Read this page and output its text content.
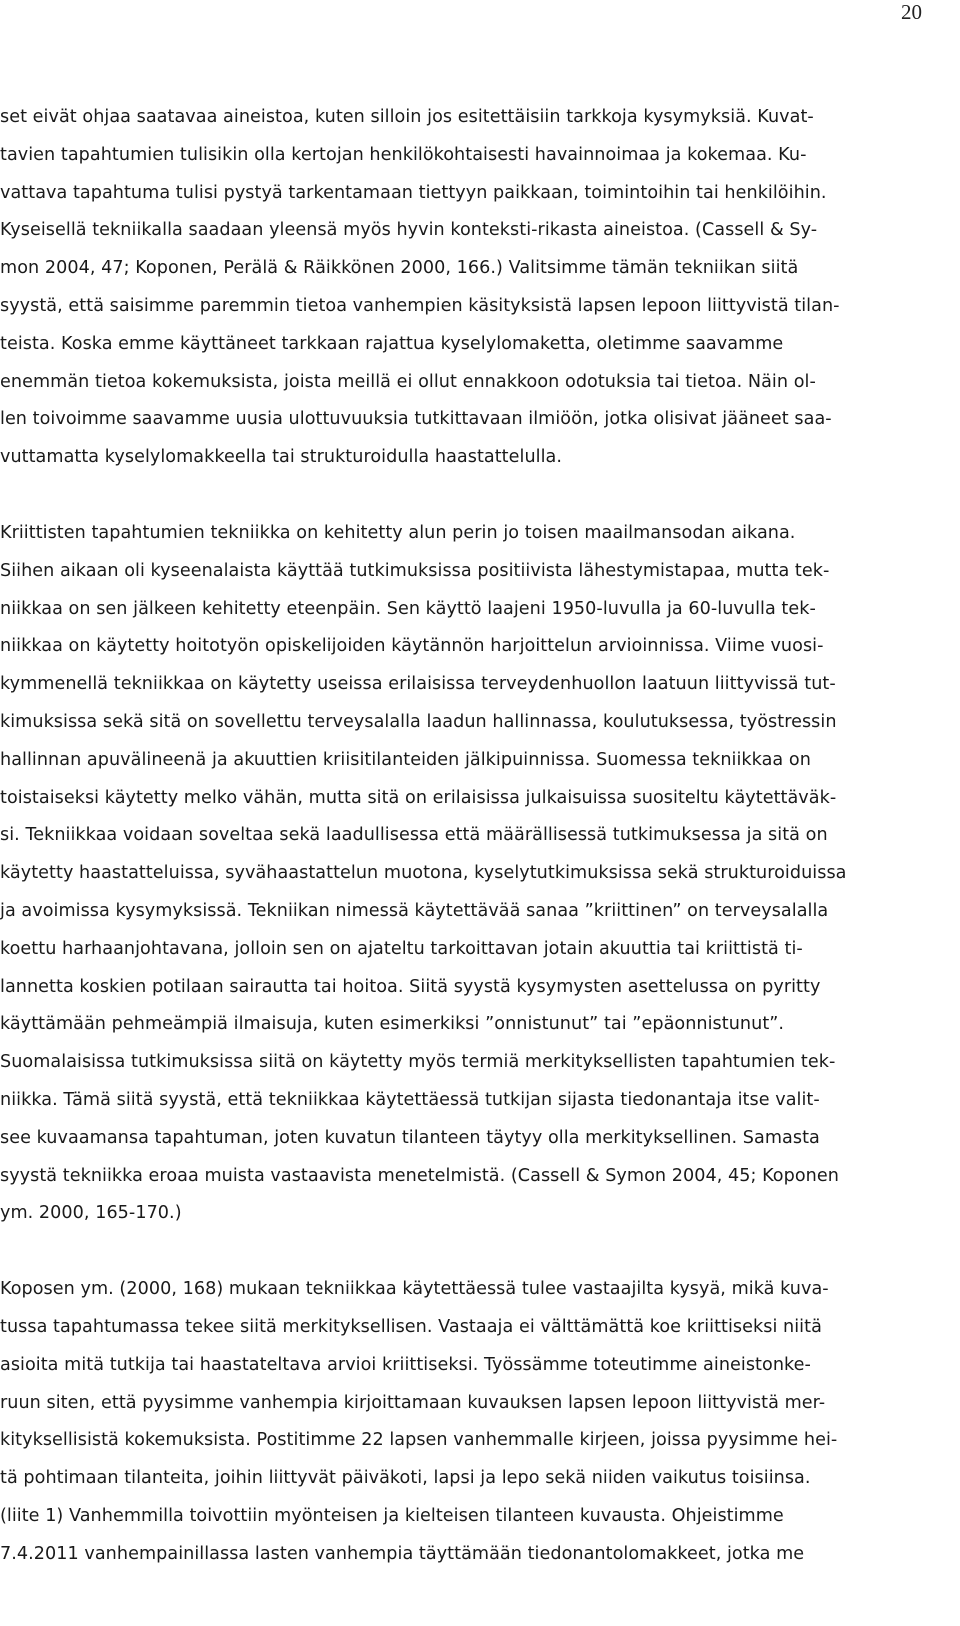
20
set eivät ohjaa saatavaa aineistoa, kuten silloin jos esitettäisiin tarkkoja kysymyksiä. Kuvat-
tavien tapahtumien tulisikin olla kertojan henkilökohtaisesti havainnoimaa ja kokemaa. Ku-
vattava tapahtuma tulisi pystyä tarkentamaan tiettyyn paikkaan, toimintoihin tai henkilöihin.
Kyseisellä tekniikalla saadaan yleensä myös hyvin konteksti-rikasta aineistoa. (Cassell & Sy-
mon 2004, 47; Koponen, Perälä & Räikkönen 2000, 166.) Valitsimme tämän tekniikan siitä
syystä, että saisimme paremmin tietoa vanhempien käsityksistä lapsen lepoon liittyvistä tilan-
teista. Koska emme käyttäneet tarkkaan rajattua kyselylomaketta, oletimme saavamme
enemmän tietoa kokemuksista, joista meillä ei ollut ennakkoon odotuksia tai tietoa. Näin ol-
len toivoimme saavamme uusia ulottuvuuksia tutkittavaan ilmiöön, jotka olisivat jääneet saa-
vuttamatta kyselylomakkeella tai strukturoidulla haastattelulla.
Kriittisten tapahtumien tekniikka on kehitetty alun perin jo toisen maailmansodan aikana.
Siihen aikaan oli kyseenalaista käyttää tutkimuksissa positiivista lähestymistapaa, mutta tek-
niikkaa on sen jälkeen kehitetty eteenpäin. Sen käyttö laajeni 1950-luvulla ja 60-luvulla tek-
niikkaa on käytetty hoitotyön opiskelijoiden käytännön harjoittelun arvioinnissa. Viime vuosi-
kymmenellä tekniikkaa on käytetty useissa erilaisissa terveydenhuollon laatuun liittyvissä tut-
kimuksissa sekä sitä on sovellettu terveysalalla laadun hallinnassa, koulutuksessa, työstressin
hallinnan apuvälineenä ja akuuttien kriisitilanteiden jälkipuinnissa. Suomessa tekniikkaa on
toistaiseksi käytetty melko vähän, mutta sitä on erilaisissa julkaisuissa suositeltu käytettäväk-
si. Tekniikkaa voidaan soveltaa sekä laadullisessa että määrällisessä tutkimuksessa ja sitä on
käytetty haastatteluissa, syvähaastattelun muotona, kyselytutkimuksissa sekä strukturoiduissa
ja avoimissa kysymyksissä. Tekniikan nimessä käytettävää sanaa ”kriittinen” on terveysalalla
koettu harhaanjohtavana, jolloin sen on ajateltu tarkoittavan jotain akuuttia tai kriittistä ti-
lannetta koskien potilaan sairautta tai hoitoa. Siitä syystä kysymysten asettelussa on pyritty
käyttämään pehmeämpiä ilmaisuja, kuten esimerkiksi ”onnistunut” tai ”epäonnistunut”.
Suomalaisissa tutkimuksissa siitä on käytetty myös termiä merkityksellisten tapahtumien tek-
niikka. Tämä siitä syystä, että tekniikkaa käytettäessä tutkijan sijasta tiedonantaja itse valit-
see kuvaamansa tapahtuman, joten kuvatun tilanteen täytyy olla merkityksellinen. Samasta
syystä tekniikka eroaa muista vastaavista menetelmistä. (Cassell & Symon 2004, 45; Koponen
ym. 2000, 165-170.)
Koposen ym. (2000, 168) mukaan tekniikkaa käytettäessä tulee vastaajilta kysyä, mikä kuva-
tussa tapahtumassa tekee siitä merkityksellisen. Vastaaja ei välttämättä koe kriittiseksi niitä
asioita mitä tutkija tai haastateltava arvioi kriittiseksi. Työssämme toteutimme aineistonke-
ruun siten, että pyysimme vanhempia kirjoittamaan kuvauksen lapsen lepoon liittyvistä mer-
kityksellisistä kokemuksista. Postitimme 22 lapsen vanhemmalle kirjeen, joissa pyysimme hei-
tä pohtimaan tilanteita, joihin liittyvät päiväkoti, lapsi ja lepo sekä niiden vaikutus toisiinsa.
(liite 1) Vanhemmilla toivottiin myönteisen ja kielteisen tilanteen kuvausta. Ohjeistimme
7.4.2011 vanhempainillassa lasten vanhempia täyttämään tiedonantolomakkeet, jotka me
